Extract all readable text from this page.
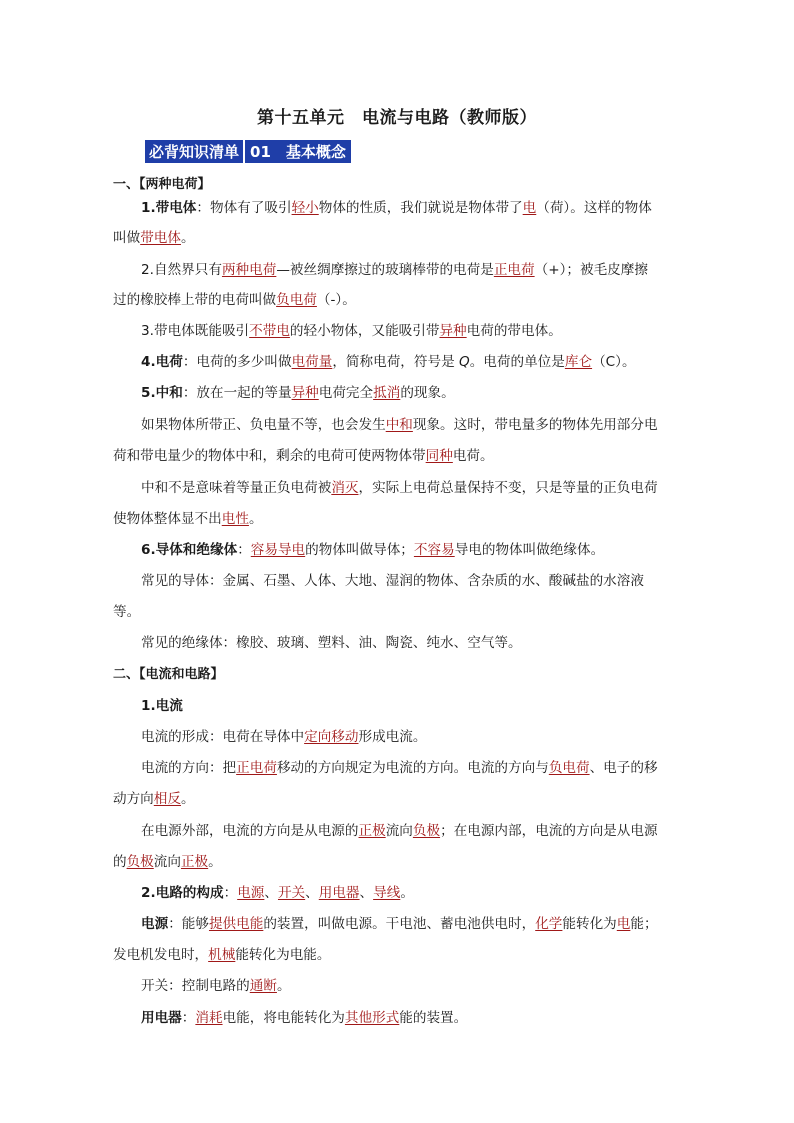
第十五单元　电流与电路（教师版）
必背知识清单 01　基本概念
一、【两种电荷】
1.带电体：物体有了吸引轻小物体的性质，我们就说是物体带了电（荷）。这样的物体
叫做带电体。
2.自然界只有两种电荷—被丝绸摩擦过的玻璃棒带的电荷是正电荷（+）；被毛皮摩擦
过的橡胶棒上带的电荷叫做负电荷（-）。
3.带电体既能吸引不带电的轻小物体，又能吸引带异种电荷的带电体。
4.电荷：电荷的多少叫做电荷量，简称电荷，符号是 Q。电荷的单位是库仑（C）。
5.中和：放在一起的等量异种电荷完全抵消的现象。
如果物体所带正、负电量不等，也会发生中和现象。这时，带电量多的物体先用部分电
荷和带电量少的物体中和，剩余的电荷可使两物体带同种电荷。
中和不是意味着等量正负电荷被消灭，实际上电荷总量保持不变，只是等量的正负电荷
使物体整体显不出电性。
6.导体和绝缘体：容易导电的物体叫做导体；不容易导电的物体叫做绝缘体。
常见的导体：金属、石墨、人体、大地、湿润的物体、含杂质的水、酸碱盐的水溶液
等。
常见的绝缘体：橡胶、玻璃、塑料、油、陶瓷、纯水、空气等。
二、【电流和电路】
1.电流
电流的形成：电荷在导体中定向移动形成电流。
电流的方向：把正电荷移动的方向规定为电流的方向。电流的方向与负电荷、电子的移
动方向相反。
在电源外部，电流的方向是从电源的正极流向负极；在电源内部，电流的方向是从电源
的负极流向正极。
2.电路的构成：电源、开关、用电器、导线。
电源：能够提供电能的装置，叫做电源。干电池、蓄电池供电时，化学能转化为电能；
发电机发电时，机械能转化为电能。
开关：控制电路的通断。
用电器：消耗电能，将电能转化为其他形式能的装置。
